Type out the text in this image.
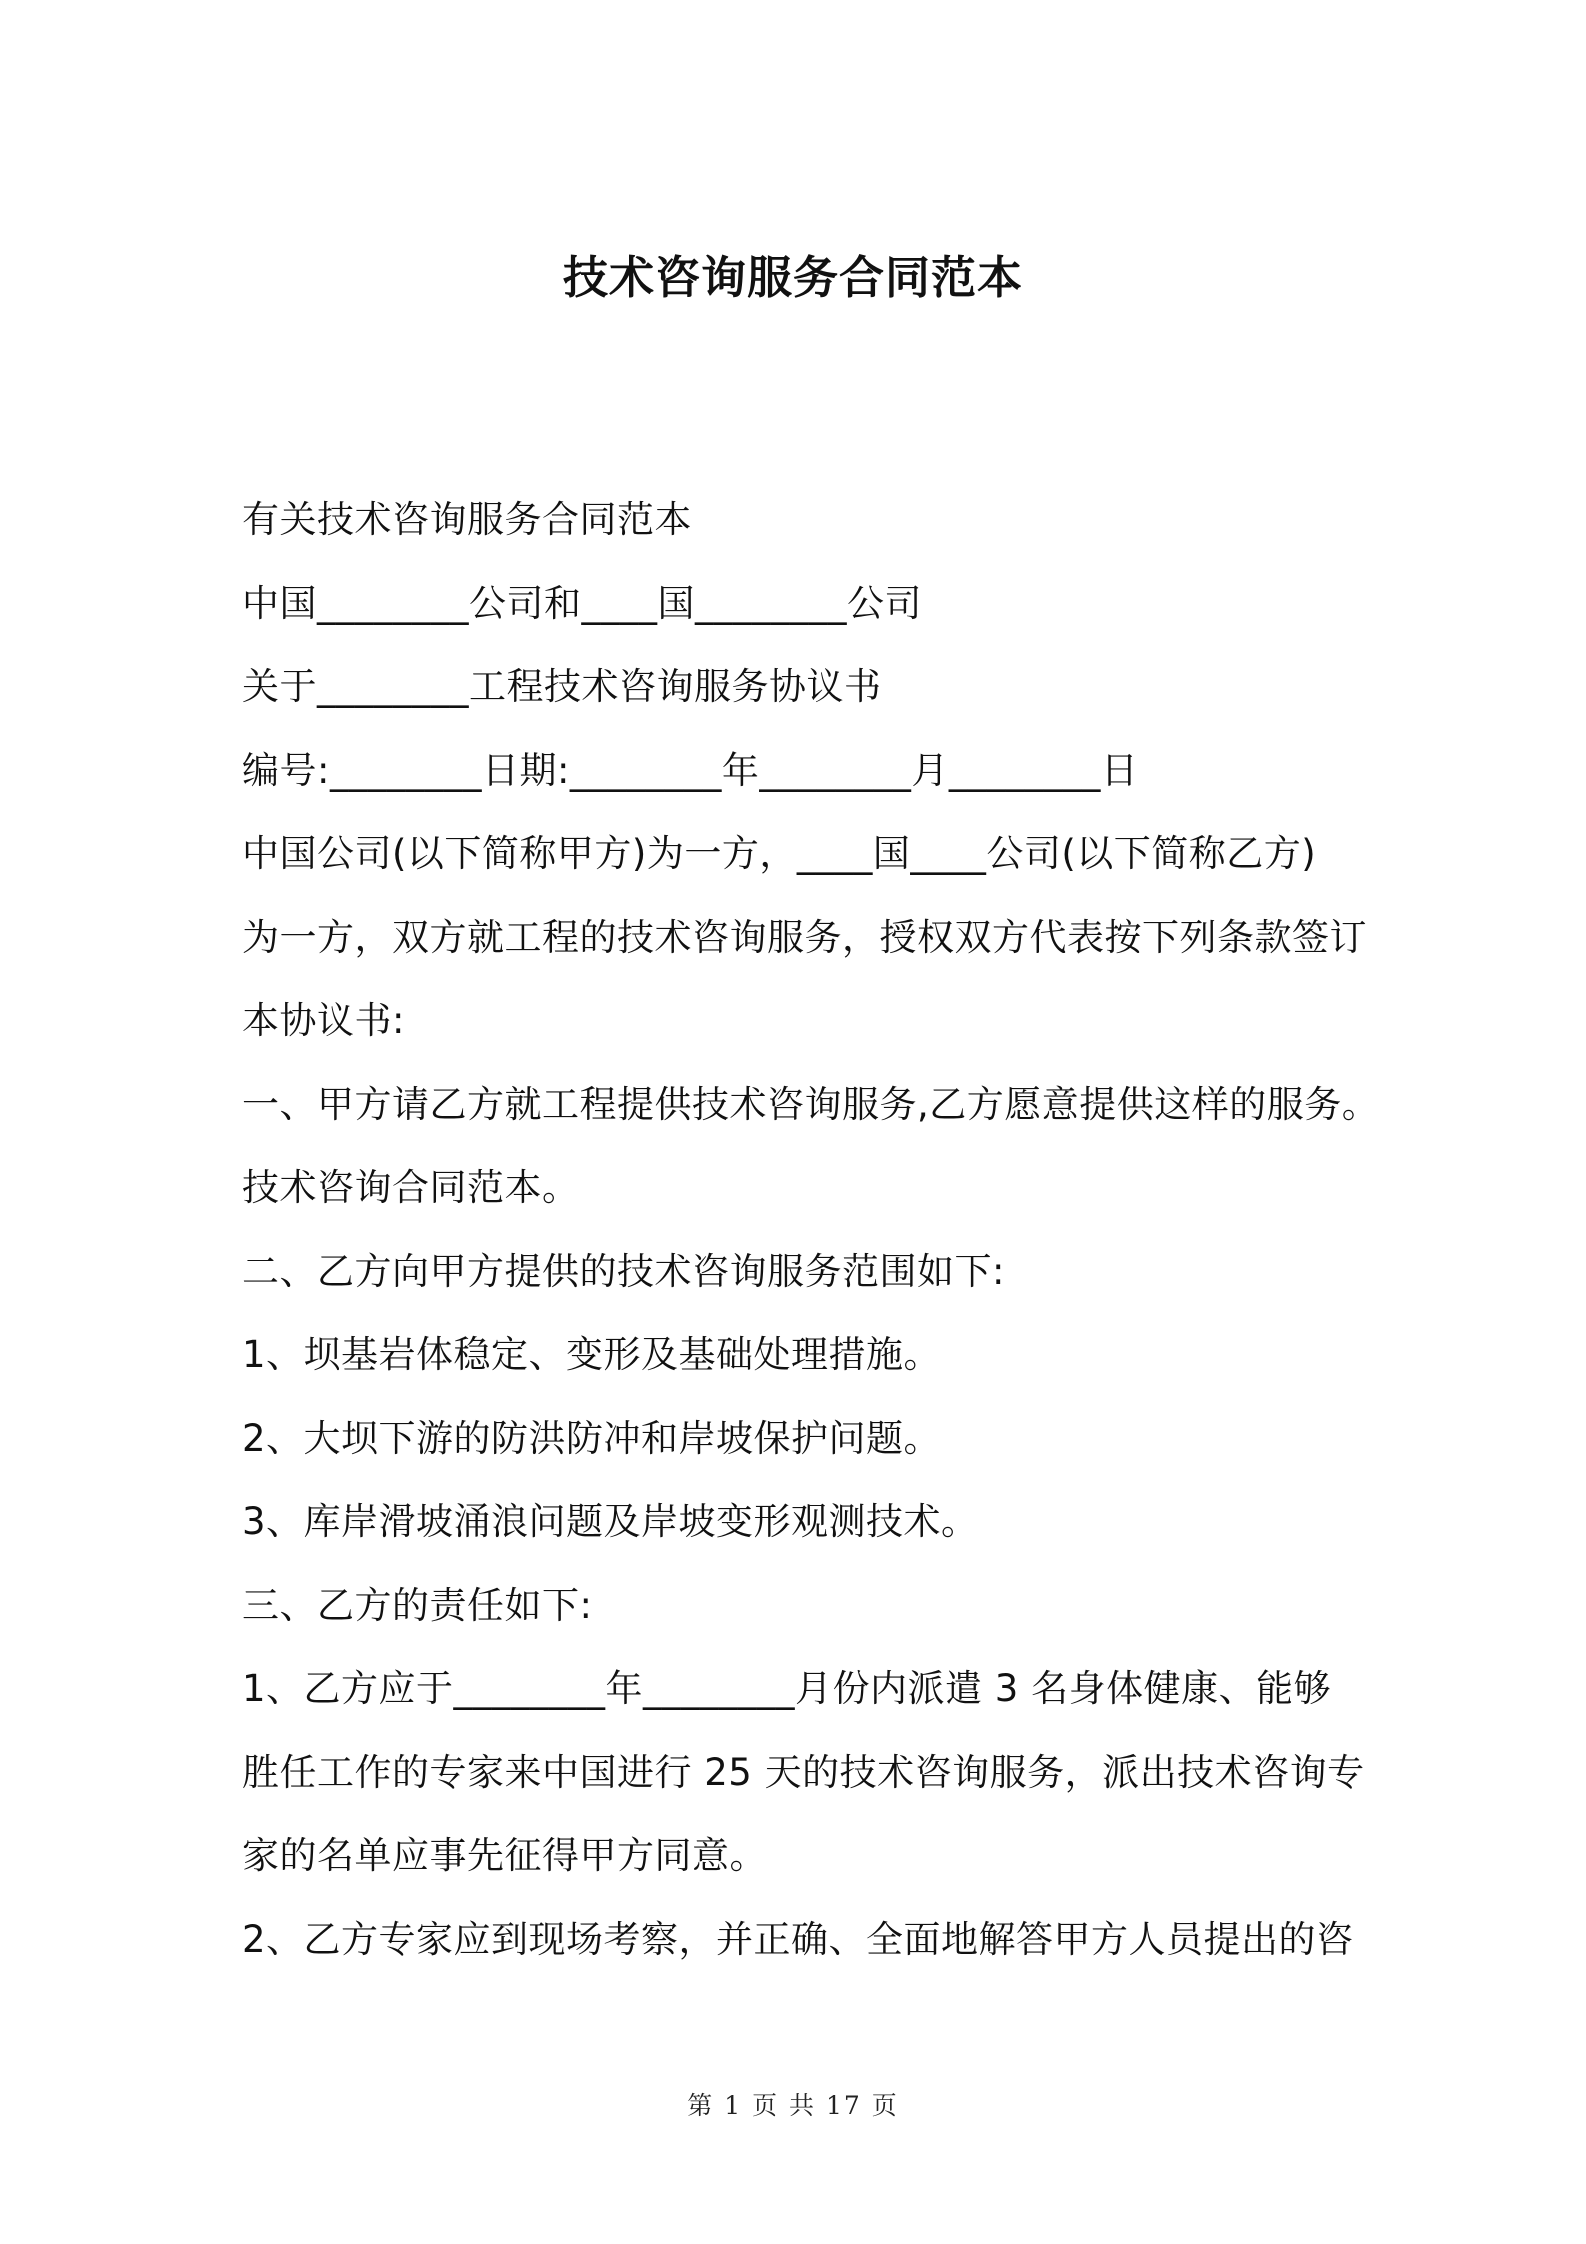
技术咨询服务合同范本
有关技术咨询服务合同范本
中国________公司和____国________公司
关于________工程技术咨询服务协议书
编号:________日期:________年________月________日
中国公司(以下简称甲方)为一方，____国____公司(以下简称乙方)
为一方，双方就工程的技术咨询服务，授权双方代表按下列条款签订
本协议书:
一、甲方请乙方就工程提供技术咨询服务,乙方愿意提供这样的服务。
技术咨询合同范本。
二、乙方向甲方提供的技术咨询服务范围如下:
1、坝基岩体稳定、变形及基础处理措施。
2、大坝下游的防洪防冲和岸坡保护问题。
3、库岸滑坡涌浪问题及岸坡变形观测技术。
三、乙方的责任如下:
1、乙方应于________年________月份内派遣 3 名身体健康、能够
胜任工作的专家来中国进行 25 天的技术咨询服务，派出技术咨询专
家的名单应事先征得甲方同意。
2、乙方专家应到现场考察，并正确、全面地解答甲方人员提出的咨
第 1 页 共 17 页
